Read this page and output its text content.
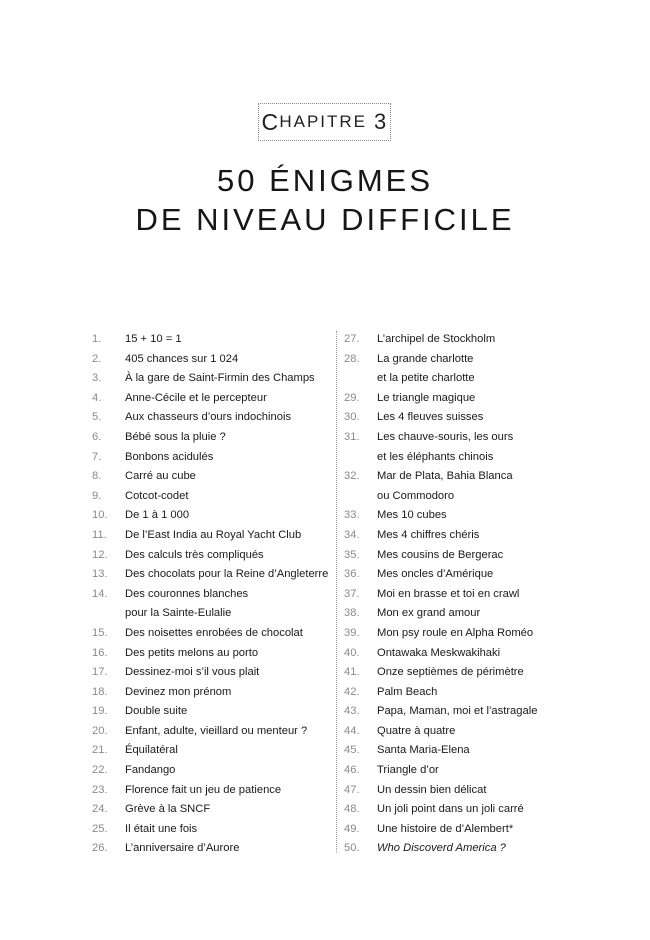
C HAPITRE 3
50 ÉNIGMES
DE NIVEAU DIFFICILE
1.	15 + 10 = 1
2.	405 chances sur 1 024
3.	À la gare de Saint-Firmin des Champs
4.	Anne-Cécile et le percepteur
5.	Aux chasseurs d’ours indochinois
6.	Bébé sous la pluie ?
7.	Bonbons acidulés
8.	Carré au cube
9.	Cotcot-codet
10.	De 1 à 1 000
11.	De l’East India au Royal Yacht Club
12.	Des calculs très compliqués
13.	Des chocolats pour la Reine d’Angleterre
14.	Des couronnes blanches
pour la Sainte-Eulalie
15.	Des noisettes enrobées de chocolat
16.	Des petits melons au porto
17.	Dessinez-moi s’il vous plait
18.	Devinez mon prénom
19.	Double suite
20.	Enfant, adulte, vieillard ou menteur ?
21.	Équilatéral
22.	Fandango
23.	Florence fait un jeu de patience
24.	Grève à la SNCF
25.	Il était une fois
26.	L’anniversaire d’Aurore
27.	L’archipel de Stockholm
28.	La grande charlotte
et la petite charlotte
29.	Le triangle magique
30.	Les 4 fleuves suisses
31.	Les chauve-souris, les ours
et les éléphants chinois
32.	Mar de Plata, Bahia Blanca
ou Commodoro
33.	Mes 10 cubes
34.	Mes 4 chiffres chéris
35.	Mes cousins de Bergerac
36.	Mes oncles d’Amérique
37.	Moi en brasse et toi en crawl
38.	Mon ex grand amour
39.	Mon psy roule en Alpha Roméo
40.	Ontawaka Meskwakihaki
41.	Onze septièmes de périmètre
42.	Palm Beach
43.	Papa, Maman, moi et l’astragale
44.	Quatre à quatre
45.	Santa Maria-Elena
46.	Triangle d’or
47.	Un dessin bien délicat
48.	Un joli point dans un joli carré
49.	Une histoire de d’Alembert*
50.	Who Discoverd America ?
